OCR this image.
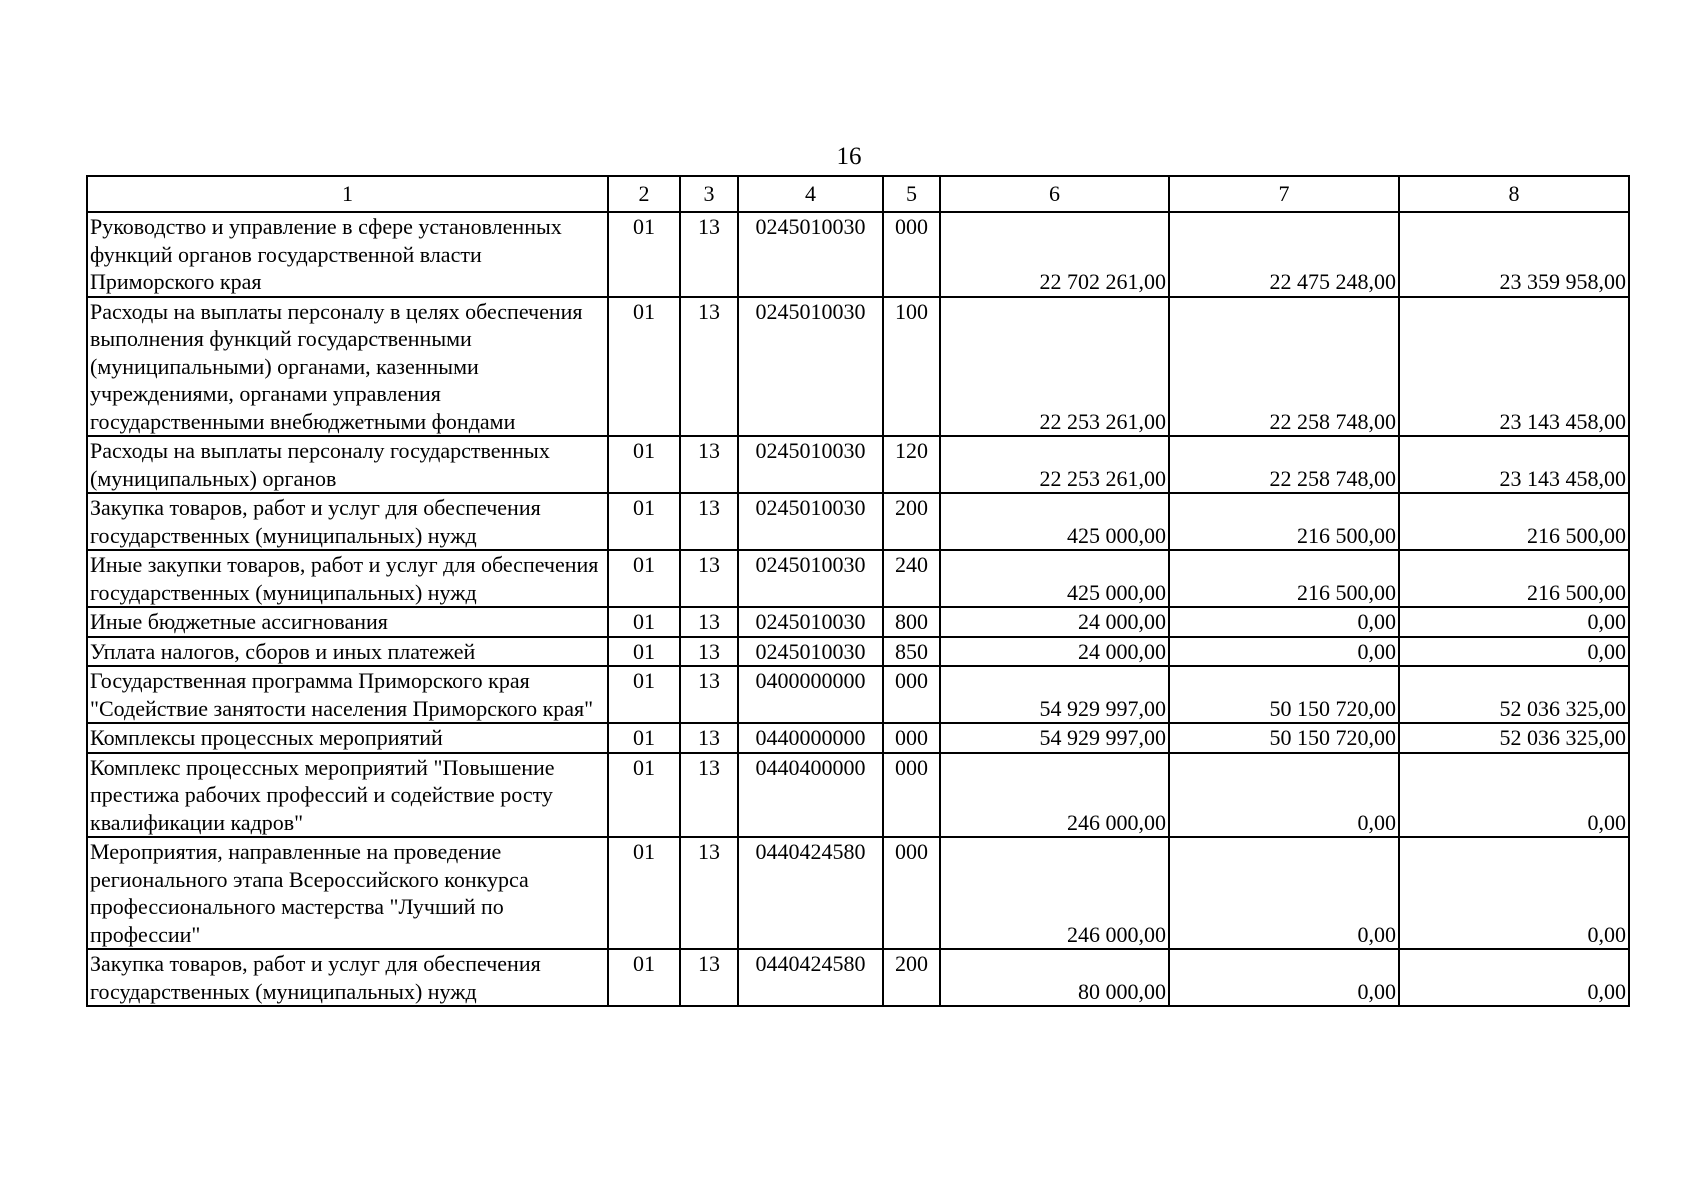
16
1	2	3	4	5	6	7	8
Руководство и управление в сфере установленных функций органов государственной власти Приморского края	01	13	0245010030	000	22 702 261,00	22 475 248,00	23 359 958,00
Расходы на выплаты персоналу в целях обеспечения выполнения функций государственными (муниципальными) органами, казенными учреждениями, органами управления государственными внебюджетными фондами	01	13	0245010030	100	22 253 261,00	22 258 748,00	23 143 458,00
Расходы на выплаты персоналу государственных (муниципальных) органов	01	13	0245010030	120	22 253 261,00	22 258 748,00	23 143 458,00
Закупка товаров, работ и услуг для обеспечения государственных (муниципальных) нужд	01	13	0245010030	200	425 000,00	216 500,00	216 500,00
Иные закупки товаров, работ и услуг для обеспечения государственных (муниципальных) нужд	01	13	0245010030	240	425 000,00	216 500,00	216 500,00
Иные бюджетные ассигнования	01	13	0245010030	800	24 000,00	0,00	0,00
Уплата налогов, сборов и иных платежей	01	13	0245010030	850	24 000,00	0,00	0,00
Государственная программа Приморского края "Содействие занятости населения Приморского края"	01	13	0400000000	000	54 929 997,00	50 150 720,00	52 036 325,00
Комплексы процессных мероприятий	01	13	0440000000	000	54 929 997,00	50 150 720,00	52 036 325,00
Комплекс процессных мероприятий "Повышение престижа рабочих профессий и содействие росту квалификации кадров"	01	13	0440400000	000	246 000,00	0,00	0,00
Мероприятия, направленные на проведение регионального этапа Всероссийского конкурса профессионального мастерства "Лучший по профессии"	01	13	0440424580	000	246 000,00	0,00	0,00
Закупка товаров, работ и услуг для обеспечения государственных (муниципальных) нужд	01	13	0440424580	200	80 000,00	0,00	0,00
